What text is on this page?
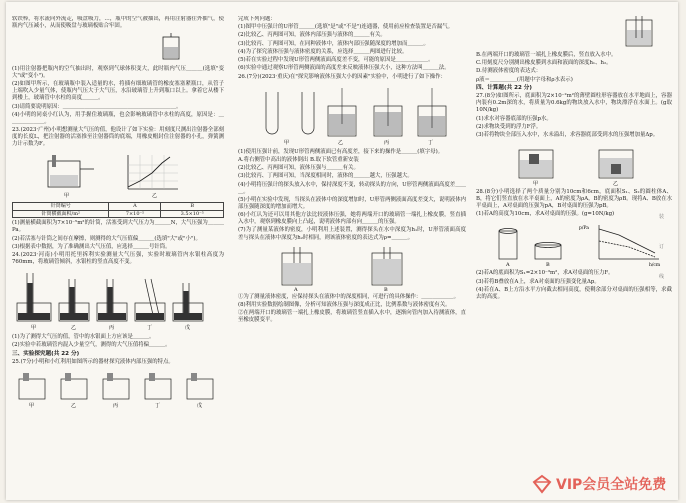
软铁棒，将水流向外流走，吸盘吸力，…，瓶中的空气被抽出，再用注射器往外抽气，使瓶内气压减小，从而使吸盘与玻璃板贴合牢固。

(1)用注射器把瓶内的空气抽出时，观察到气球体积变大，此时瓶内气压＿＿＿(选填"变大"或"变小")。

(2)如图甲所示，在玻璃瓶中装入适量的水，将插有细玻璃管的橡皮塞塞紧瓶口，从管子上端吹入少量气体，使瓶内气压大于大气压，水沿玻璃管上升到瓶口以上。拿着它从楼下到楼上，玻璃管中水柱的高度＿＿＿。

(3)请简要说明原因：＿＿＿＿＿＿＿＿＿＿＿＿＿＿＿＿＿＿＿＿＿。

(4)小明的同桌小红认为，用手握住玻璃瓶，也会影响玻璃管中水柱的高度，原因是：＿＿＿＿＿＿＿。

23.(2023·广州)小明想测量大气压的值，他设计了如下实验：用刻度尺测出注射器全部刻度的长度L，把注射器的活塞推至注射器筒的底端，用橡皮帽封住注射器的小孔，弹簧测力计示数为F。

甲	乙
针筒编号	A	B
针筒横截面积/m²	7×10⁻⁵	3.5×10⁻⁵

(1)测量横截面积为7×10⁻⁵m²的针筒，活塞受到大气压力为＿＿＿N，大气压强为＿＿＿Pa。

(2)若活塞与针筒之间存在摩擦，则测得的大气压值偏＿＿＿(选填"大"或"小")。

(3)根据表中数据，为了准确测出大气压值，应选择＿＿＿号针筒。

24.(2023·河南)小明用托里拆利实验测量大气压强，实验时玻璃管内水银柱高度为760mm，将玻璃管倾斜，水银柱的竖直高度不变。

甲	乙	丙	丁	戊

(1)为了测得大气压的值，管中的水银面上方应该是＿＿＿。

(2)实验中若玻璃管内混入少量空气，测得的大气压值将偏＿＿＿。

三、实验探究题(共 22 分)

25.(7分)小明和小红利用如图所示的器材探究液体内部压强的特点。

甲	乙	丙	丁	戊

完成下列问题：

(1)图甲中压强计的U形管＿＿＿(选填"是"或"不是")连通器，使用前应检查装置是否漏气。

(2)比较乙、丙两图可知，液体内部压强与液体的＿＿＿有关。

(3)比较丙、丁两图可知，在同种液体中，液体内部压强随深度的增加而＿＿＿。

(4)为了探究液体压强与液体密度的关系，应选择＿＿＿两图进行比较。

(5)若在实验过程中发现U形管两侧液面高度差不变，可能的原因是＿＿＿＿＿＿。

(6)实验中通过观察U形管两侧液面的高度差来反映液体压强大小，这种方法叫＿＿＿法。

26.(7分)(2023·重庆)在"探究影响液体压强大小的因素"实验中，小明进行了如下操作：

甲	乙	丙	丁

(1)使用压强计前，发现U形管两侧液面已有高度差，接下来的操作是＿＿＿(填字母)。

A.将右侧管中高出的液体倒出 B.取下软管重新安装

(2)比较乙、丙两图可知，液体压强与＿＿＿有关。

(3)比较丙、丁两图可知，当深度相同时，液体的＿＿＿越大，压强越大。

(4)小明将压强计的探头放入水中，保持深度不变，转动探头的方向，U形管两侧液面高度差＿＿＿。

(5)小明在实验中发现，当探头在液体中的深度增加时，U形管两侧液面高度差变大，说明液体内部压强随深度的增加而增大。

(6)小红认为还可以用其他方法比较液体压强，她将两端开口的玻璃管一端扎上橡皮膜，竖直插入水中，观察到橡皮膜向上凸起，说明液体内部有向＿＿＿的压强。

(7)为了测量某液体的密度，小明利用上述装置，测得探头在水中深度为h₁时，U形管液面高度差与探头在液体中深度为h₂时相同，则该液体密度的表达式为ρ=＿＿＿。

A	B

①为了测量液体密度，应保持探头在液体中的深度相同，可进行的具体操作：＿＿＿＿＿＿。

(8)利用实验数据绘制图像，分析可知液体压强与深度成正比，比例系数与液体密度有关。

②在两端开口的玻璃管一端扎上橡皮膜，将玻璃管竖直插入水中，逐渐向管内加入待测液体，直至橡皮膜变平。

B.在两端开口的玻璃管一端扎上橡皮膜后，竖直放入水中。

C.用刻度尺分别测出橡皮膜到水面和液面的深度h₁、h₂。

D.待测液体密度的表达式：

ρ液＝＿＿＿＿＿(用题中字母和ρ水表示)

四、计算题(共 22 分)

27.(8分)如图所示，底面积为2×10⁻²m²的薄壁圆柱形容器放在水平地面上，容器内装有0.2m深的水，将质量为0.6kg的物块放入水中，物块漂浮在水面上。(g取10N/kg)

(1)求水对容器底部的压强p水。

(2)求物块受到的浮力F浮。

(3)若将物块全部压入水中，水未溢出，求容器底部受到水的压强增加量Δp。

甲	乙

28.(8分)小明选择了两个质量分别为10cm和6cm，底面积S₁、S₂的圆柱体A、B，将它们竖直放在水平桌面上，A的密度为ρA，B的密度为ρB。现将A、B放在水平桌面上，A对桌面的压强为pA，B对桌面的压强为pB。

(1)若A的高度为10cm，求A对桌面的压强。(g=10N/kg)

A	B
p/Pa
h/cm

(2)若A的底面积为S₁=2×10⁻³m²，求A对桌面的压力F。

(3)若将B叠放在A上，求A对桌面的压强变化量Δp。

(4)若在A、B上方沿水平方向截去相同高度，使剩余部分对桌面的压强相等，求截去的高度。

装
订
线
VIP会员全站免费
